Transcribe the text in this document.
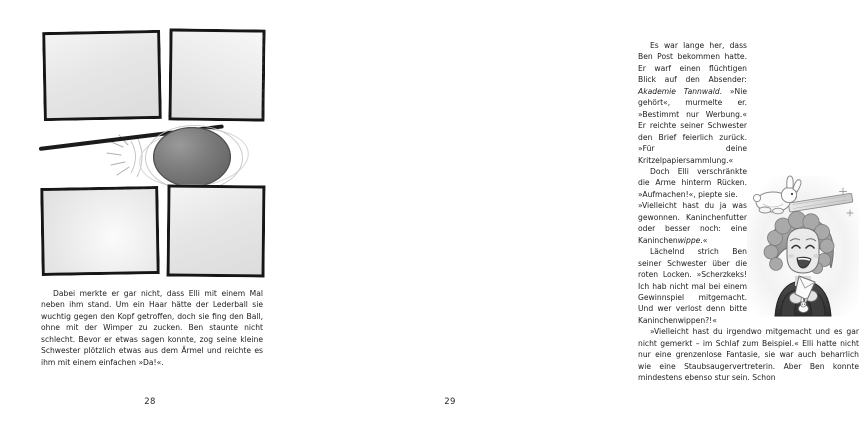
Dabei merkte er gar nicht, dass Elli mit einem Mal neben ihm stand. Um ein Haar hätte der Lederball sie wuchtig gegen den Kopf getroffen, doch sie fing den Ball, ohne mit der Wimper zu zucken. Ben staunte nicht schlecht. Bevor er etwas sagen konnte, zog seine kleine Schwester plötzlich etwas aus dem Ärmel und reichte es ihm mit einem einfachen »Da!«.

28

Es war lange her, dass Ben Post bekommen hatte. Er warf einen flüchtigen Blick auf den Absender: Akademie Tannwald. »Nie gehört«, murmelte er. »Bestimmt nur Werbung.« Er reichte seiner Schwester den Brief feierlich zurück. »Für deine Kritzelpapiersammlung.«

Doch Elli verschränkte die Arme hinterm Rücken. »Aufmachen!«, piepte sie.

»Vielleicht hast du ja was gewonnen. Kaninchenfutter oder besser noch: eine Kaninchenwippe.«

Lächelnd strich Ben seiner Schwester über die roten Locken. »Scherzkeks! Ich hab nicht mal bei einem Gewinnspiel mitgemacht. Und wer verlost denn bitte Kaninchenwippen?!«

»Vielleicht hast du irgendwo mitgemacht und es gar nicht gemerkt – im Schlaf zum Beispiel.« Elli hatte nicht nur eine grenzenlose Fantasie, sie war auch beharrlich wie eine Staubsaugervertreterin. Aber Ben konnte mindestens ebenso stur sein. Schon

29
